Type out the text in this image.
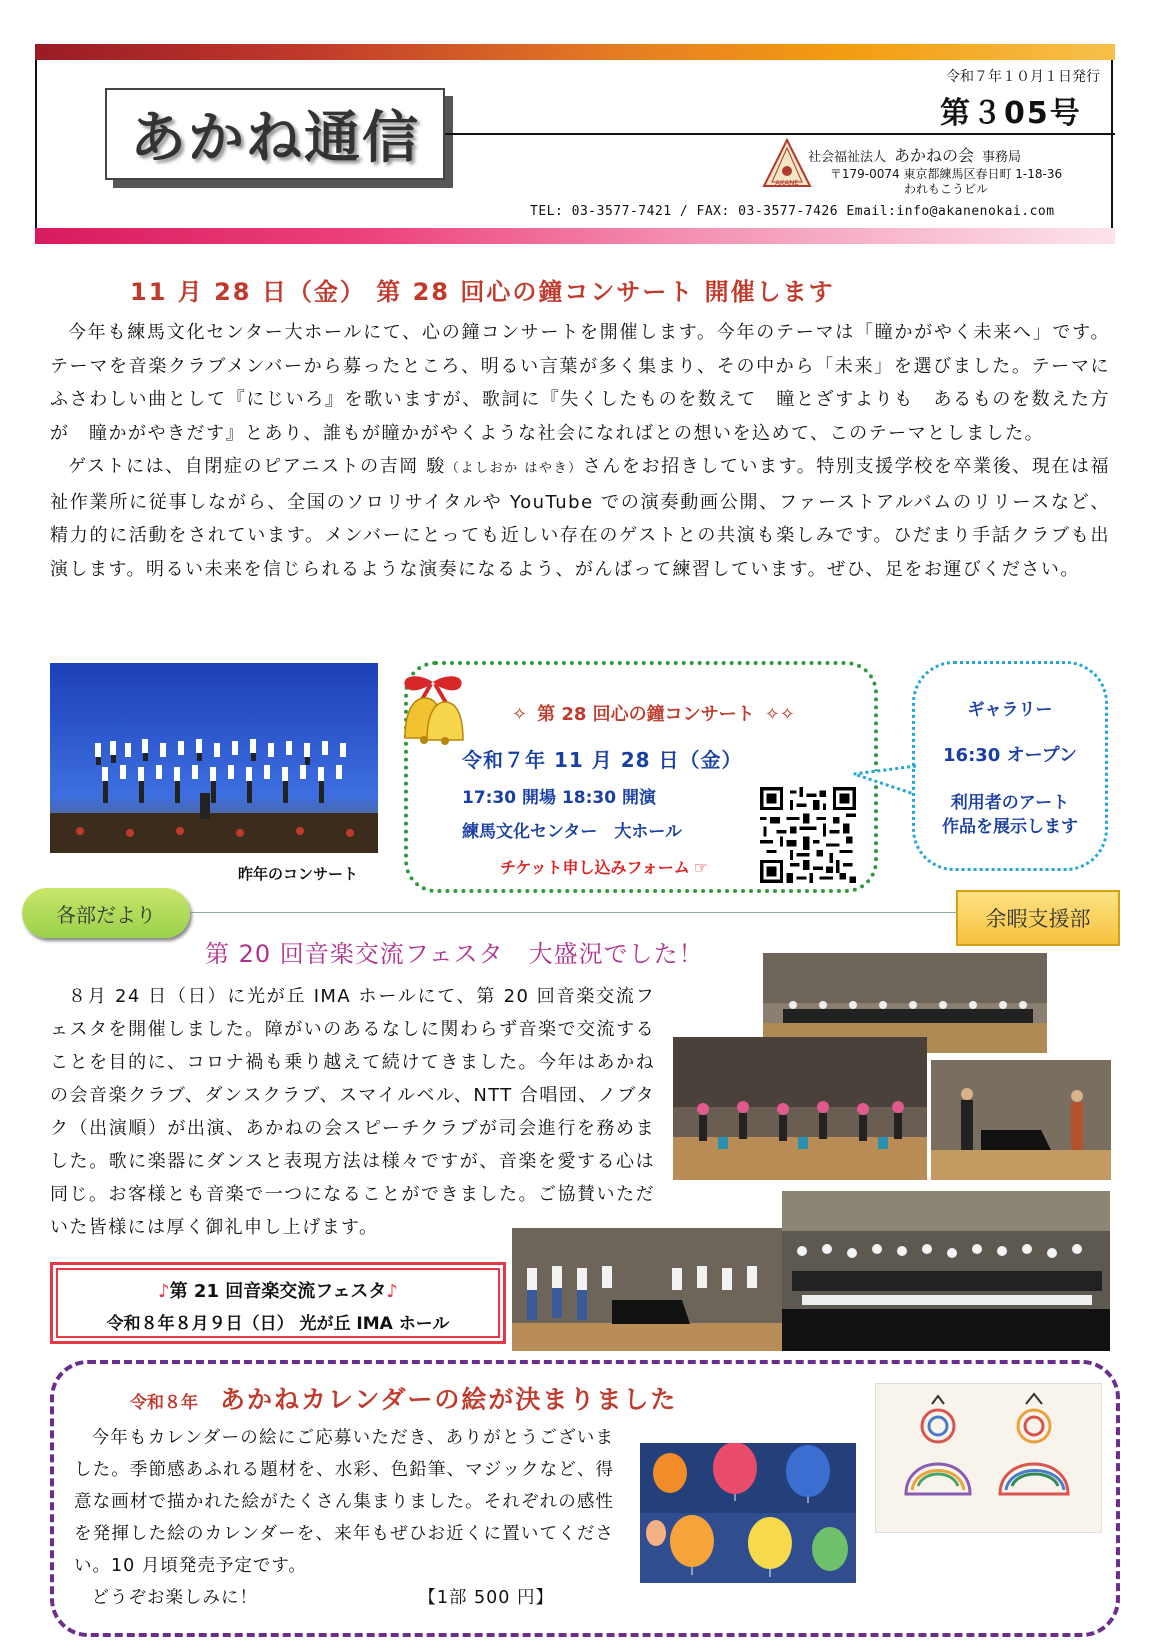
あかね通信
令和７年１０月１日発行
第３05号
AKANE
社会福祉法人 あかねの会 事務局
〒179-0074 東京都練馬区春日町 1-18-36
われもこうビル
TEL: 03-3577-7421 / FAX: 03-3577-7426 Email:info@akanenokai.com
11 月 28 日（金） 第 28 回心の鐘コンサート 開催します

今年も練馬文化センター大ホールにて、心の鐘コンサートを開催します。今年のテーマは「瞳かがやく未来へ」です。テーマを音楽クラブメンバーから募ったところ、明るい言葉が多く集まり、その中から「未来」を選びました。テーマにふさわしい曲として『にじいろ』を歌いますが、歌詞に『失くしたものを数えて　瞳とざすよりも　あるものを数えた方が　瞳かがやきだす』とあり、誰もが瞳かがやくような社会になればとの想いを込めて、このテーマとしました。

ゲストには、自閉症のピアニストの吉岡 駿（よしおか はやき）さんをお招きしています。特別支援学校を卒業後、現在は福祉作業所に従事しながら、全国のソロリサイタルや YouTube での演奏動画公開、ファーストアルバムのリリースなど、精力的に活動をされています。メンバーにとっても近しい存在のゲストとの共演も楽しみです。ひだまり手話クラブも出演します。明るい未来を信じられるような演奏になるよう、がんばって練習しています。ぜひ、足をお運びください。

昨年のコンサート
✧ 第 28 回心の鐘コンサート ✧✧
令和７年 11 月 28 日（金）
17:30 開場 18:30 開演
練馬文化センター　大ホール
チケット申し込みフォーム ☞
ギャラリー
16:30 オープン
利用者のアート
作品を展示します
各部だより	余暇支援部
第 20 回音楽交流フェスタ　大盛況でした！

８月 24 日（日）に光が丘 IMA ホールにて、第 20 回音楽交流フェスタを開催しました。障がいのあるなしに関わらず音楽で交流することを目的に、コロナ禍も乗り越えて続けてきました。今年はあかねの会音楽クラブ、ダンスクラブ、スマイルベル、NTT 合唱団、ノブタク（出演順）が出演、あかねの会スピーチクラブが司会進行を務めました。歌に楽器にダンスと表現方法は様々ですが、音楽を愛する心は同じ。お客様とも音楽で一つになることができました。ご協賛いただいた皆様には厚く御礼申し上げます。

♪第 21 回音楽交流フェスタ♪
令和８年８月９日（日） 光が丘 IMA ホール
令和８年 あかねカレンダーの絵が決まりました

今年もカレンダーの絵にご応募いただき、ありがとうございました。季節感あふれる題材を、水彩、色鉛筆、マジックなど、得意な画材で描かれた絵がたくさん集まりました。それぞれの感性を発揮した絵のカレンダーを、来年もぜひお近くに置いてください。10 月頃発売予定です。

どうぞお楽しみに！	【1部 500 円】
